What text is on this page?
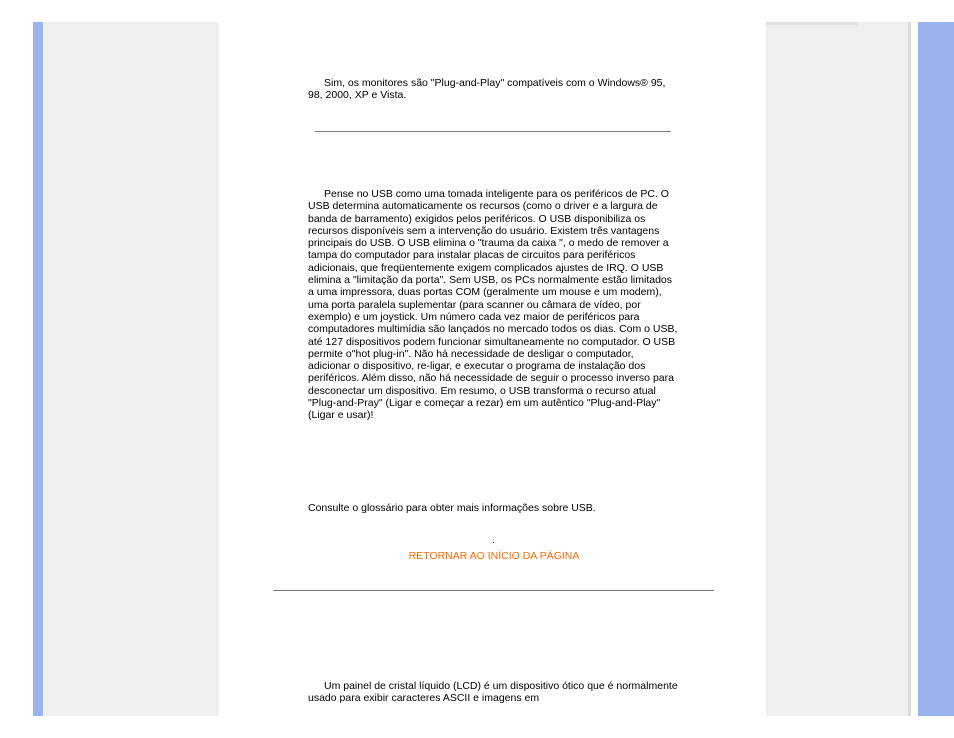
Sim, os monitores são "Plug-and-Play" compatíveis com o Windows® 95, 98, 2000, XP e Vista.

Pense no USB como uma tomada inteligente para os periféricos de PC. O USB determina automaticamente os recursos (como o driver e a largura de banda de barramento) exigidos pelos periféricos. O USB disponibiliza os recursos disponíveis sem a intervenção do usuário. Existem três vantagens principais do USB. O USB elimina o "trauma da caixa ", o medo de remover a tampa do computador para instalar placas de circuitos para periféricos adicionais, que freqüentemente exigem complicados ajustes de IRQ. O USB elimina a "limitação da porta". Sem USB, os PCs normalmente estão limitados a uma impressora, duas portas COM (geralmente um mouse e um modem), uma porta paralela suplementar (para scanner ou câmara de vídeo, por exemplo) e um joystick. Um número cada vez maior de periféricos para computadores multimídia são lançados no mercado todos os dias. Com o USB, até 127 dispositivos podem funcionar simultaneamente no computador. O USB permite o"hot plug-in". Não há necessidade de desligar o computador, adicionar o dispositivo, re-ligar, e executar o programa de instalação dos periféricos. Além disso, não há necessidade de seguir o processo inverso para desconectar um dispositivo. Em resumo, o USB transforma o recurso atual "Plug-and-Pray" (Ligar e começar a rezar) em um autêntico "Plug-and-Play" (Ligar e usar)!

Consulte o glossário para obter mais informações sobre USB.

.
RETORNAR AO INÍCIO DA PÁGINA

Um painel de cristal líquido (LCD) é um dispositivo ótico que é normalmente usado para exibir caracteres ASCII e imagens em
